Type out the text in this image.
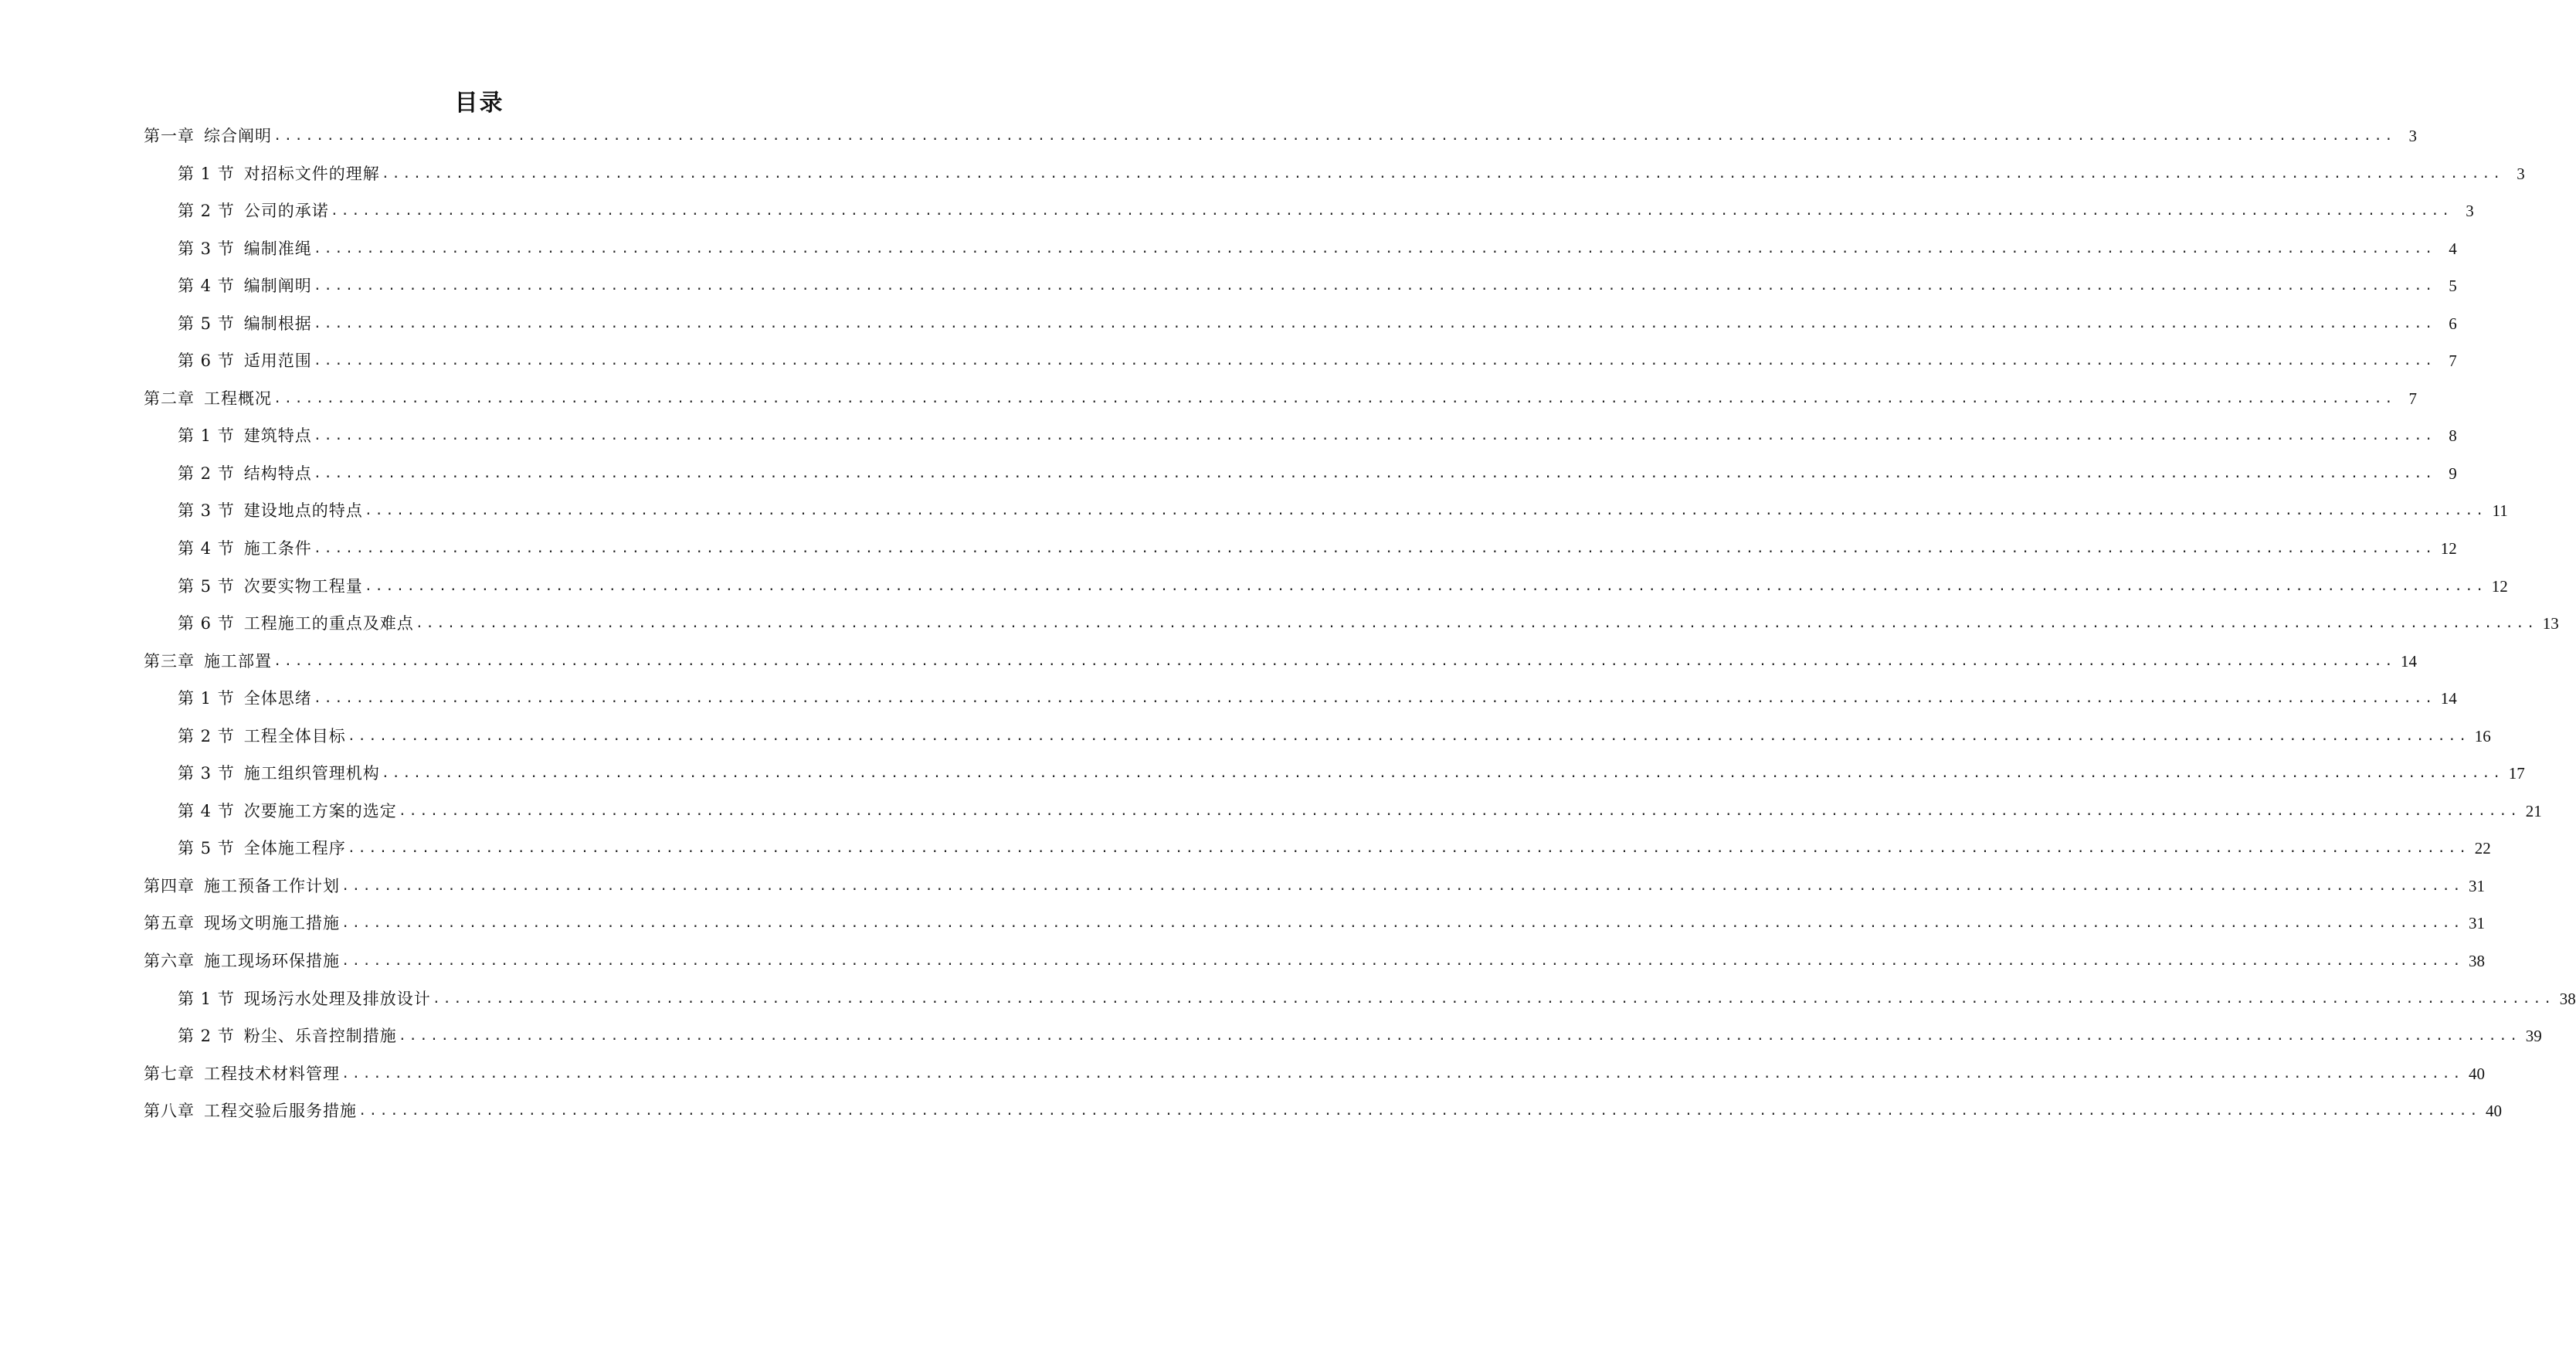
目录
第一章 综合阐明 ........................................................................................................................................................................................................ 3
第 1 节 对招标文件的理解 ........................................................................................................................................................................................................ 3
第 2 节 公司的承诺 ........................................................................................................................................................................................................ 3
第 3 节 编制准绳 ........................................................................................................................................................................................................ 4
第 4 节 编制阐明 ........................................................................................................................................................................................................ 5
第 5 节 编制根据 ........................................................................................................................................................................................................ 6
第 6 节 适用范围 ........................................................................................................................................................................................................ 7
第二章 工程概况 ........................................................................................................................................................................................................ 7
第 1 节 建筑特点 ........................................................................................................................................................................................................ 8
第 2 节 结构特点 ........................................................................................................................................................................................................ 9
第 3 节 建设地点的特点 ........................................................................................................................................................................................................ 11
第 4 节 施工条件 ........................................................................................................................................................................................................ 12
第 5 节 次要实物工程量 ........................................................................................................................................................................................................ 12
第 6 节 工程施工的重点及难点 ........................................................................................................................................................................................................ 13
第三章 施工部置 ........................................................................................................................................................................................................ 14
第 1 节 全体思绪 ........................................................................................................................................................................................................ 14
第 2 节 工程全体目标 ........................................................................................................................................................................................................ 16
第 3 节 施工组织管理机构 ........................................................................................................................................................................................................ 17
第 4 节 次要施工方案的选定 ........................................................................................................................................................................................................ 21
第 5 节 全体施工程序 ........................................................................................................................................................................................................ 22
第四章 施工预备工作计划 ........................................................................................................................................................................................................ 31
第五章 现场文明施工措施 ........................................................................................................................................................................................................ 31
第六章 施工现场环保措施 ........................................................................................................................................................................................................ 38
第 1 节 现场污水处理及排放设计 ........................................................................................................................................................................................................ 38
第 2 节 粉尘、乐音控制措施 ........................................................................................................................................................................................................ 39
第七章 工程技术材料管理 ........................................................................................................................................................................................................ 40
第八章 工程交验后服务措施 ........................................................................................................................................................................................................ 40
